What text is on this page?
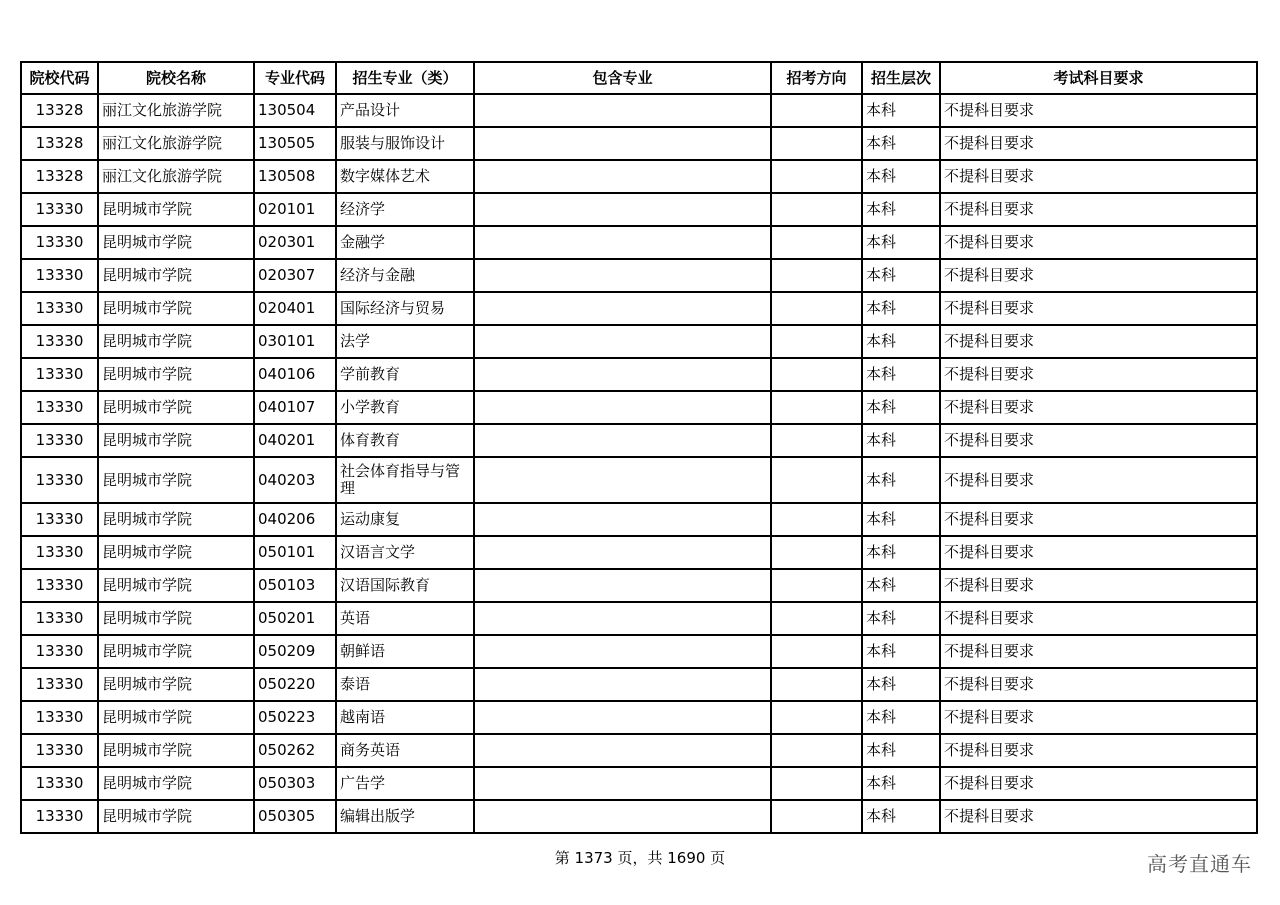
院校代码	院校名称	专业代码	招生专业（类）	包含专业	招考方向	招生层次	考试科目要求
13328	丽江文化旅游学院	130504	产品设计			本科	不提科目要求
13328	丽江文化旅游学院	130505	服装与服饰设计			本科	不提科目要求
13328	丽江文化旅游学院	130508	数字媒体艺术			本科	不提科目要求
13330	昆明城市学院	020101	经济学			本科	不提科目要求
13330	昆明城市学院	020301	金融学			本科	不提科目要求
13330	昆明城市学院	020307	经济与金融			本科	不提科目要求
13330	昆明城市学院	020401	国际经济与贸易			本科	不提科目要求
13330	昆明城市学院	030101	法学			本科	不提科目要求
13330	昆明城市学院	040106	学前教育			本科	不提科目要求
13330	昆明城市学院	040107	小学教育			本科	不提科目要求
13330	昆明城市学院	040201	体育教育			本科	不提科目要求
13330	昆明城市学院	040203	社会体育指导与管理			本科	不提科目要求
13330	昆明城市学院	040206	运动康复			本科	不提科目要求
13330	昆明城市学院	050101	汉语言文学			本科	不提科目要求
13330	昆明城市学院	050103	汉语国际教育			本科	不提科目要求
13330	昆明城市学院	050201	英语			本科	不提科目要求
13330	昆明城市学院	050209	朝鲜语			本科	不提科目要求
13330	昆明城市学院	050220	泰语			本科	不提科目要求
13330	昆明城市学院	050223	越南语			本科	不提科目要求
13330	昆明城市学院	050262	商务英语			本科	不提科目要求
13330	昆明城市学院	050303	广告学			本科	不提科目要求
13330	昆明城市学院	050305	编辑出版学			本科	不提科目要求
第 1373 页，共 1690 页	高考直通车
